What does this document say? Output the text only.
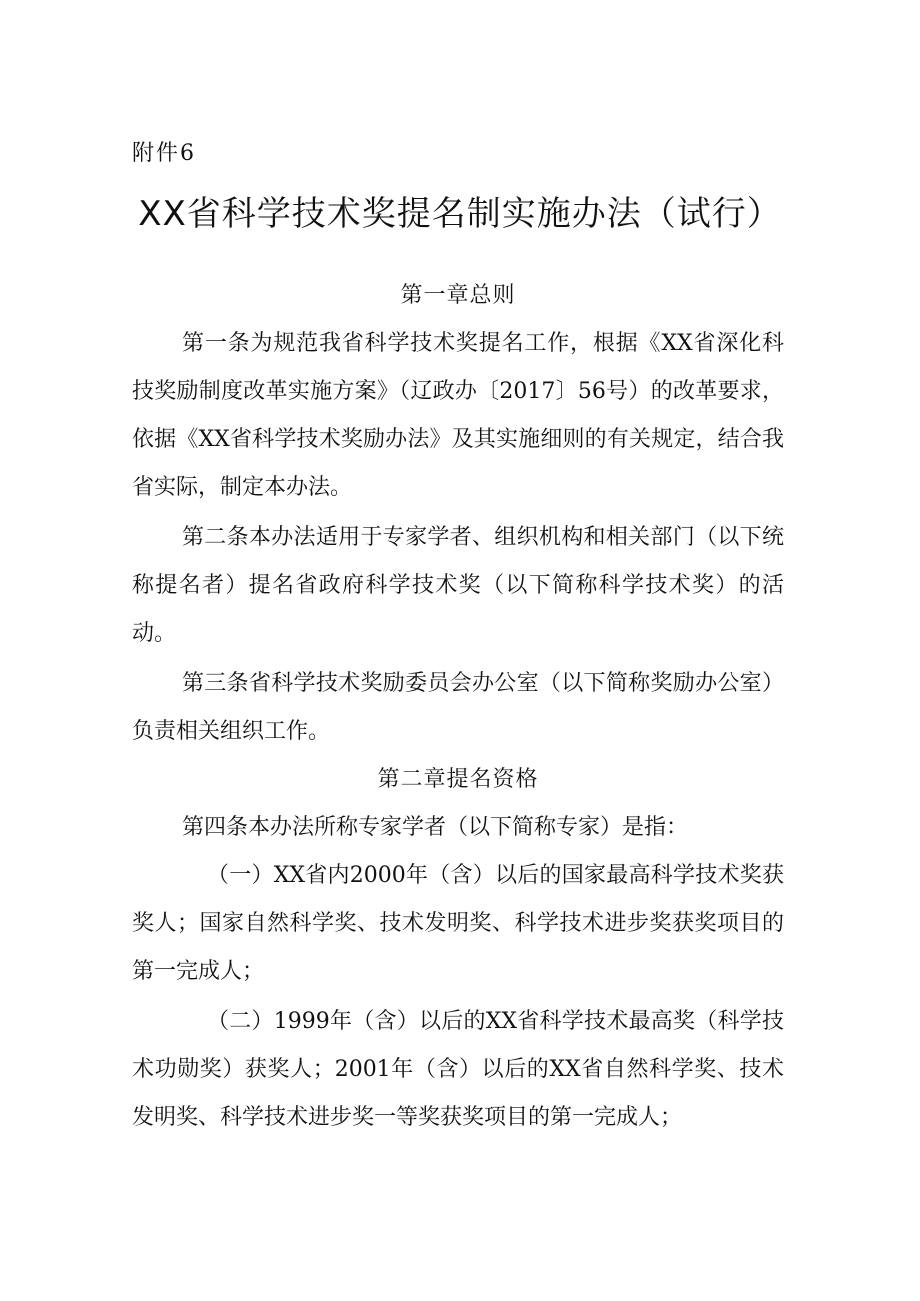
附件6
XX省科学技术奖提名制实施办法（试行）
第一章总则

第一条为规范我省科学技术奖提名工作，根据《XX省深化科技奖励制度改革实施方案》（辽政办〔2017〕56号）的改革要求，依据《XX省科学技术奖励办法》及其实施细则的有关规定，结合我省实际，制定本办法。

第二条本办法适用于专家学者、组织机构和相关部门（以下统称提名者）提名省政府科学技术奖（以下简称科学技术奖）的活动。

第三条省科学技术奖励委员会办公室（以下简称奖励办公室）负责相关组织工作。

第二章提名资格

第四条本办法所称专家学者（以下简称专家）是指：

（一）XX省内2000年（含）以后的国家最高科学技术奖获奖人；国家自然科学奖、技术发明奖、科学技术进步奖获奖项目的第一完成人；

（二）1999年（含）以后的XX省科学技术最高奖（科学技术功勋奖）获奖人；2001年（含）以后的XX省自然科学奖、技术发明奖、科学技术进步奖一等奖获奖项目的第一完成人；
